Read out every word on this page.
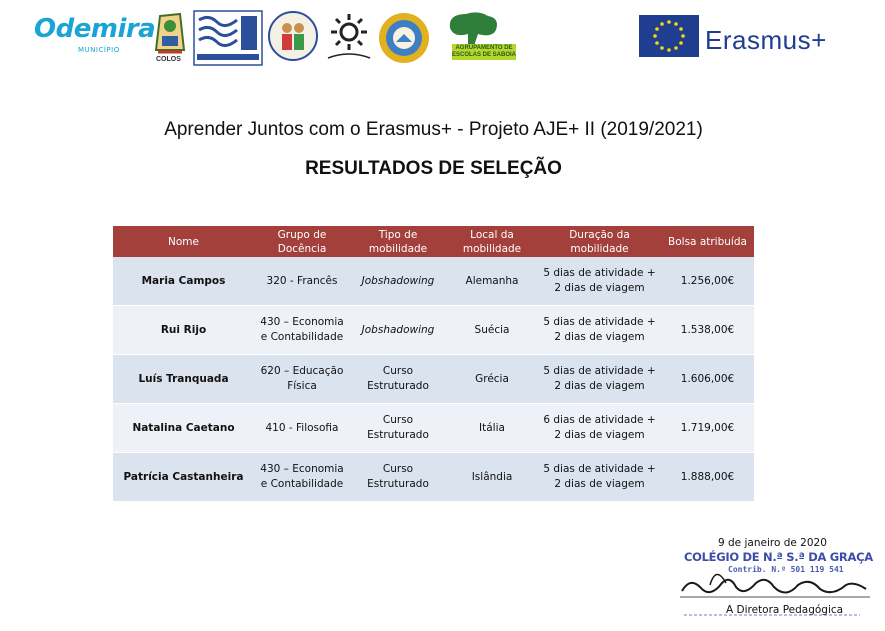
Odemira
MUNICÍPIO
COLOS
AGRUPAMENTO DE ESCOLAS DE SABOIA	Erasmus+
Aprender Juntos com o Erasmus+ - Projeto AJE+ II (2019/2021)
RESULTADOS DE SELEÇÃO
Nome	Grupo de Docência	Tipo de mobilidade	Local da mobilidade	Duração da mobilidade	Bolsa atribuída
Maria Campos	320 - Francês	Jobshadowing	Alemanha	5 dias de atividade + 2 dias de viagem	1.256,00€
Rui Rijo	430 – Economia e Contabilidade	Jobshadowing	Suécia	5 dias de atividade + 2 dias de viagem	1.538,00€
Luís Tranquada	620 – Educação Física	Curso Estruturado	Grécia	5 dias de atividade + 2 dias de viagem	1.606,00€
Natalina Caetano	410 - Filosofia	Curso Estruturado	Itália	6 dias de atividade + 2 dias de viagem	1.719,00€
Patrícia Castanheira	430 – Economia e Contabilidade	Curso Estruturado	Islândia	5 dias de atividade + 2 dias de viagem	1.888,00€
9 de janeiro de 2020
COLÉGIO DE N.ª S.ª DA GRAÇA
Contrib. N.º 501 119 541
A Diretora Pedagógica
